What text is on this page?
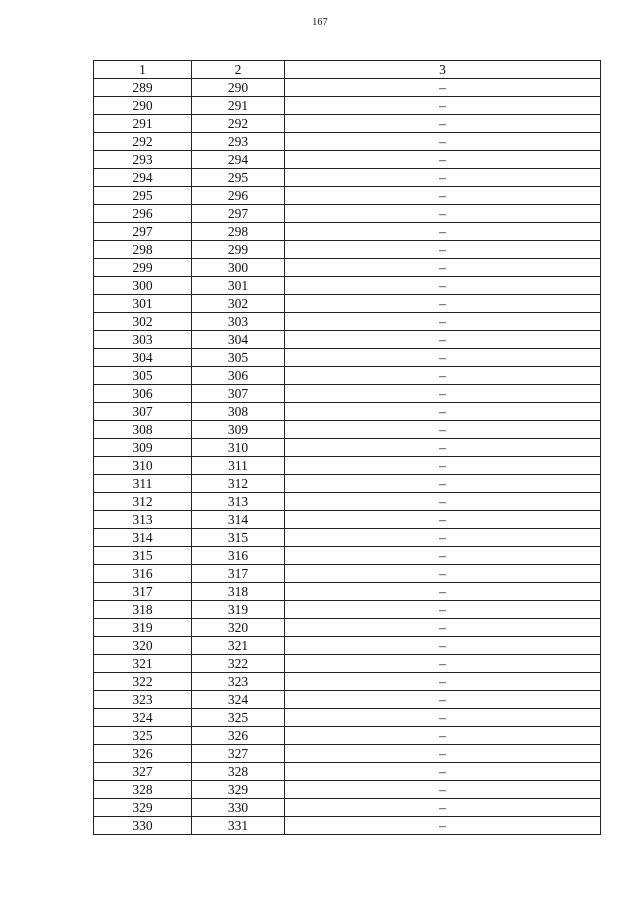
167
1	2	3
289	290	–
290	291	–
291	292	–
292	293	–
293	294	–
294	295	–
295	296	–
296	297	–
297	298	–
298	299	–
299	300	–
300	301	–
301	302	–
302	303	–
303	304	–
304	305	–
305	306	–
306	307	–
307	308	–
308	309	–
309	310	–
310	311	–
311	312	–
312	313	–
313	314	–
314	315	–
315	316	–
316	317	–
317	318	–
318	319	–
319	320	–
320	321	–
321	322	–
322	323	–
323	324	–
324	325	–
325	326	–
326	327	–
327	328	–
328	329	–
329	330	–
330	331	–
